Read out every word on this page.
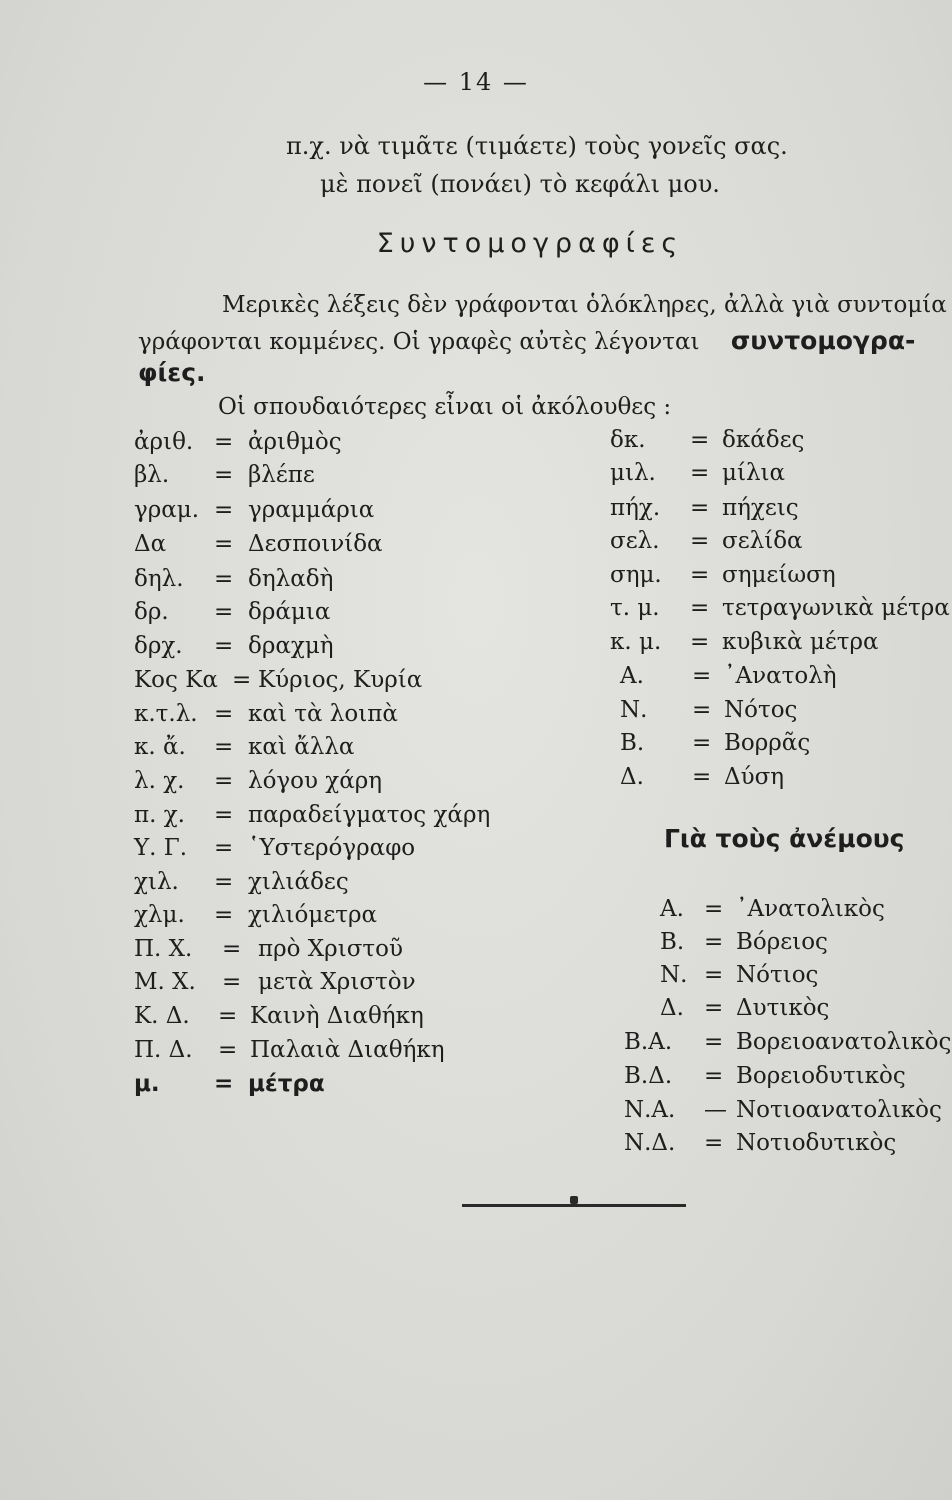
— 14 —
π.χ. νὰ τιμᾶτε (τιμάετε) τοὺς γονεῖς σας.
μὲ πονεῖ (πονάει) τὸ κεφάλι μου.
Συντομογραφίες
Μερικὲς λέξεις δὲν γράφονται ὁλόκληρες, ἀλλὰ γιὰ συντομία
γράφονται κομμένες. Οἱ γραφὲς αὐτὲς λέγονται συντομογρα-
φίες.
Οἱ σπουδαιότερες εἶναι οἱ ἀκόλουθες :
ἀριθ. = ἀριθμὸς
βλ. = βλέπε
γραμ. = γραμμάρια
Δα = Δεσποινίδα
δηλ. = δηλαδὴ
δρ. = δράμια
δρχ. = δραχμὴ
Κος Κα = Κύριος, Κυρία
κ.τ.λ. = καὶ τὰ λοιπὰ
κ. ἄ. = καὶ ἄλλα
λ. χ. = λόγου χάρη
π. χ. = παραδείγματος χάρη
Υ. Γ. = ῾Υστερόγραφο
χιλ. = χιλιάδες
χλμ. = χιλιόμετρα
Π. Χ. = πρὸ Χριστοῦ
Μ. Χ. = μετὰ Χριστὸν
Κ. Δ. = Καινὴ Διαθήκη
Π. Δ. = Παλαιὰ Διαθήκη
μ. = μέτρα
δκ. = δκάδες
μιλ. = μίλια
πήχ. = πήχεις
σελ. = σελίδα
σημ. = σημείωση
τ. μ. = τετραγωνικὰ μέτρα
κ. μ. = κυβικὰ μέτρα
Α. = ᾿Ανατολὴ
Ν. = Νότος
Β. = Βορρᾶς
Δ. = Δύση
Γιὰ τοὺς ἀνέμους
Α. = ᾿Ανατολικὸς
Β. = Βόρειος
Ν. = Νότιος
Δ. = Δυτικὸς
Β.Α. = Βορειοανατολικὸς
Β.Δ. = Βορειοδυτικὸς
Ν.Α. — Νοτιοανατολικὸς
Ν.Δ. = Νοτιοδυτικὸς
